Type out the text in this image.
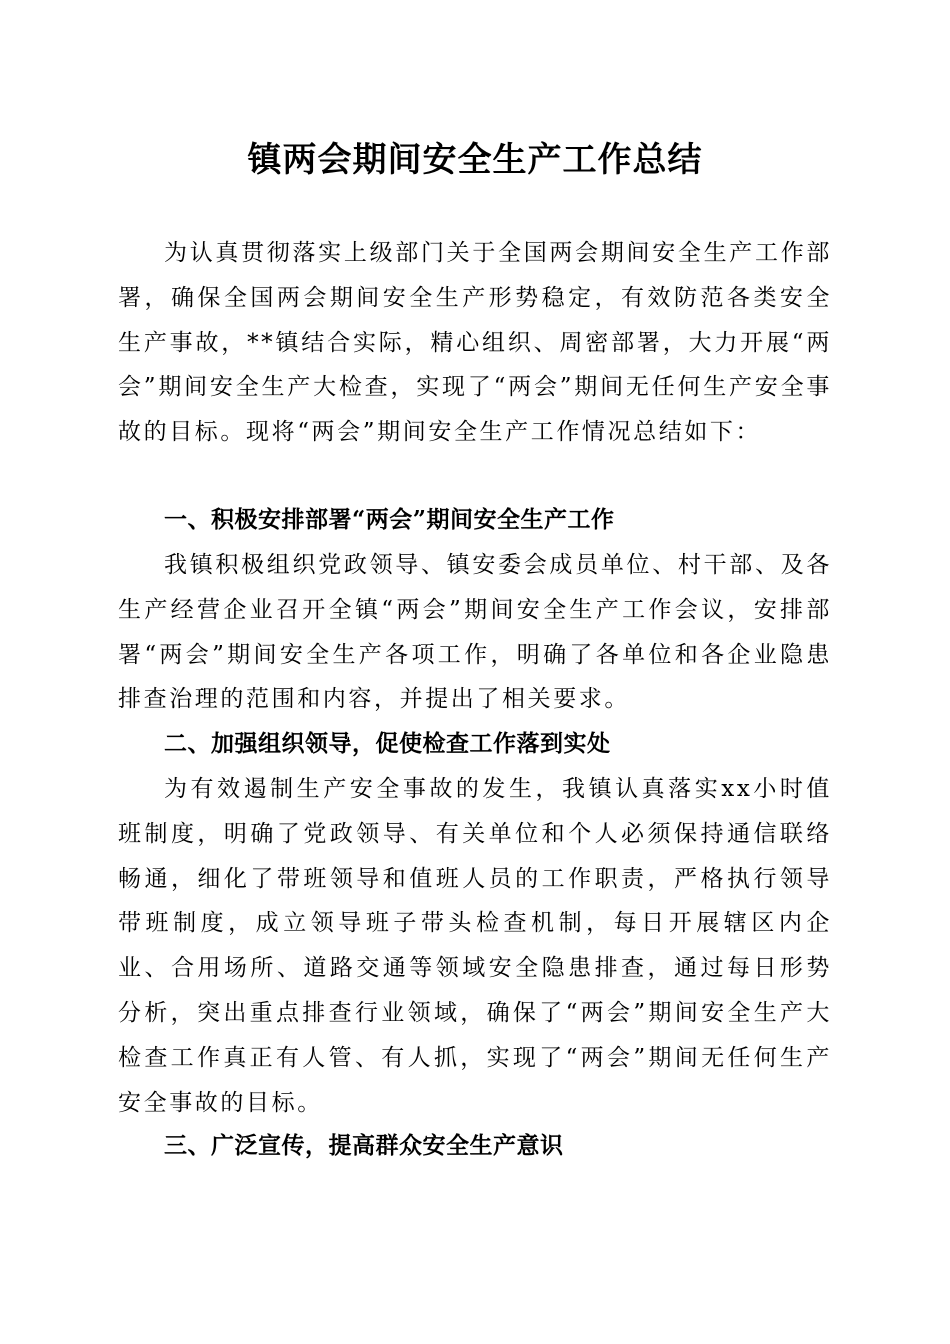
镇两会期间安全生产工作总结
为认真贯彻落实上级部门关于全国两会期间安全生产工作部署，确保全国两会期间安全生产形势稳定，有效防范各类安全生产事故，**镇结合实际，精心组织、周密部署，大力开展“两会”期间安全生产大检查，实现了“两会”期间无任何生产安全事故的目标。现将“两会”期间安全生产工作情况总结如下：
一、积极安排部署“两会”期间安全生产工作
我镇积极组织党政领导、镇安委会成员单位、村干部、及各生产经营企业召开全镇“两会”期间安全生产工作会议，安排部署“两会”期间安全生产各项工作，明确了各单位和各企业隐患排查治理的范围和内容，并提出了相关要求。
二、加强组织领导，促使检查工作落到实处
为有效遏制生产安全事故的发生，我镇认真落实xx小时值班制度，明确了党政领导、有关单位和个人必须保持通信联络畅通，细化了带班领导和值班人员的工作职责，严格执行领导带班制度，成立领导班子带头检查机制，每日开展辖区内企业、合用场所、道路交通等领域安全隐患排查，通过每日形势分析，突出重点排查行业领域，确保了“两会”期间安全生产大检查工作真正有人管、有人抓，实现了“两会”期间无任何生产安全事故的目标。
三、广泛宣传，提高群众安全生产意识
